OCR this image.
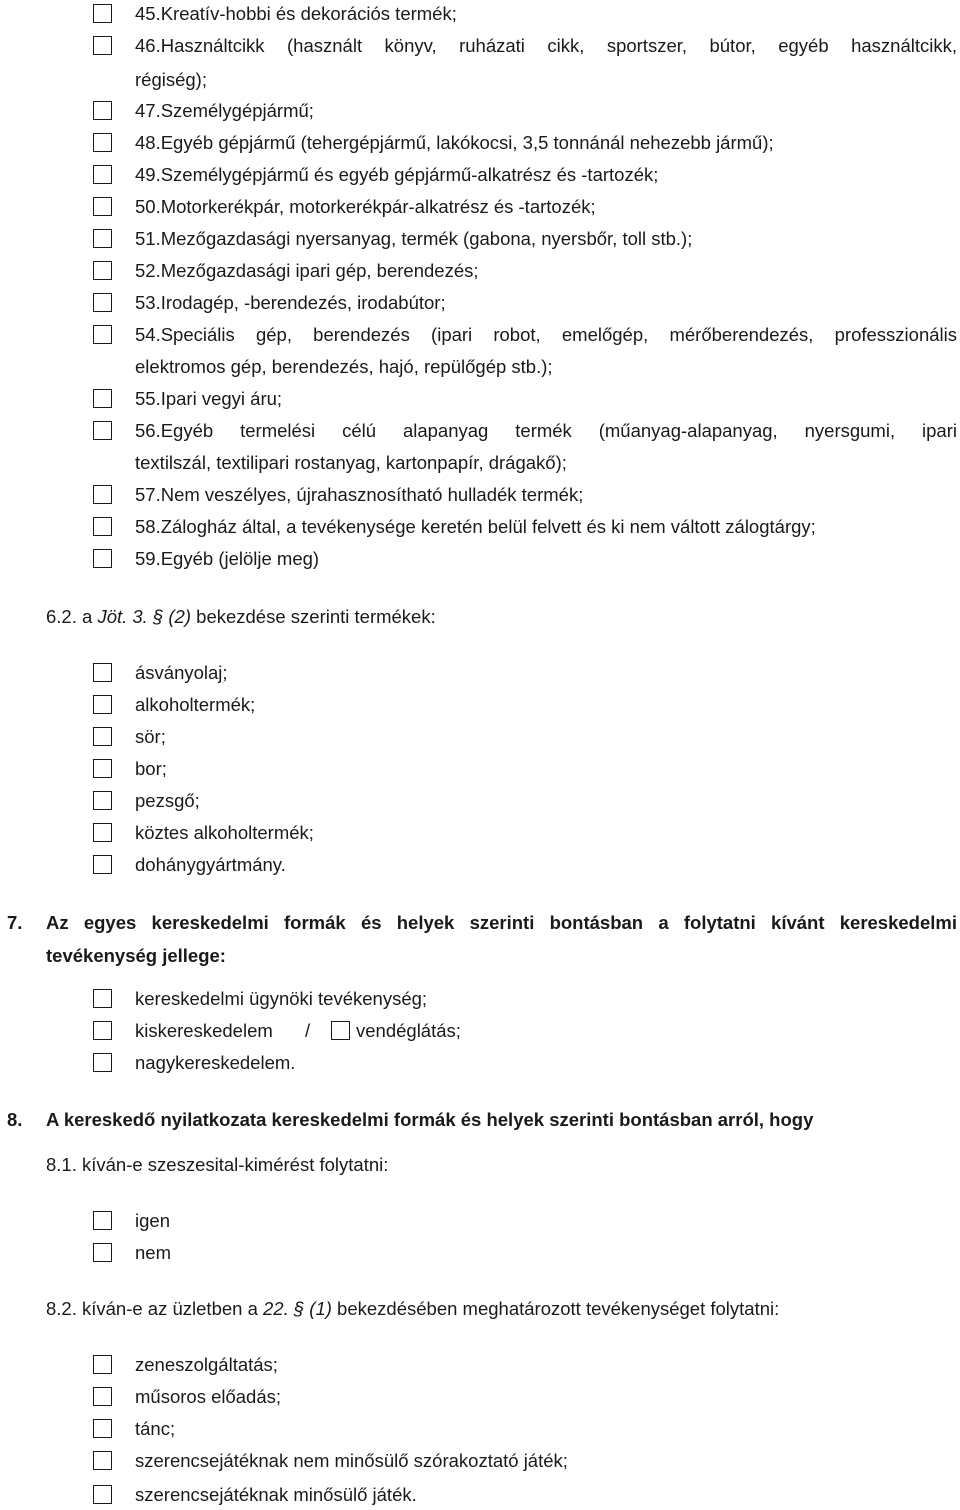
45.Kreatív-hobbi és dekorációs termék;
46.Használtcikk (használt könyv, ruházati cikk, sportszer, bútor, egyéb használtcikk,
régiség);
47.Személygépjármű;
48.Egyéb gépjármű (tehergépjármű, lakókocsi, 3,5 tonnánál nehezebb jármű);
49.Személygépjármű és egyéb gépjármű-alkatrész és -tartozék;
50.Motorkerékpár, motorkerékpár-alkatrész és -tartozék;
51.Mezőgazdasági nyersanyag, termék (gabona, nyersbőr, toll stb.);
52.Mezőgazdasági ipari gép, berendezés;
53.Irodagép, -berendezés, irodabútor;
54.Speciális gép, berendezés (ipari robot, emelőgép, mérőberendezés, professzionális
elektromos gép, berendezés, hajó, repülőgép stb.);
55.Ipari vegyi áru;
56.Egyéb termelési célú alapanyag termék (műanyag-alapanyag, nyersgumi, ipari
textilszál, textilipari rostanyag, kartonpapír, drágakő);
57.Nem veszélyes, újrahasznosítható hulladék termék;
58.Zálogház által, a tevékenysége keretén belül felvett és ki nem váltott zálogtárgy;
59.Egyéb (jelölje meg)
6.2. a Jöt. 3. § (2) bekezdése szerinti termékek:
ásványolaj;
alkoholtermék;
sör;
bor;
pezsgő;
köztes alkoholtermék;
dohánygyártmány.
7. Az egyes kereskedelmi formák és helyek szerinti bontásban a folytatni kívánt kereskedelmi tevékenység jellege:
kereskedelmi ügynöki tevékenység;
kiskereskedelem / vendéglátás;
nagykereskedelem.
8. A kereskedő nyilatkozata kereskedelmi formák és helyek szerinti bontásban arról, hogy
8.1. kíván-e szeszesital-kimérést folytatni:
igen
nem
8.2. kíván-e az üzletben a 22. § (1) bekezdésében meghatározott tevékenységet folytatni:
zeneszolgáltatás;
műsoros előadás;
tánc;
szerencsejátéknak nem minősülő szórakoztató játék;
szerencsejátéknak minősülő játék.
